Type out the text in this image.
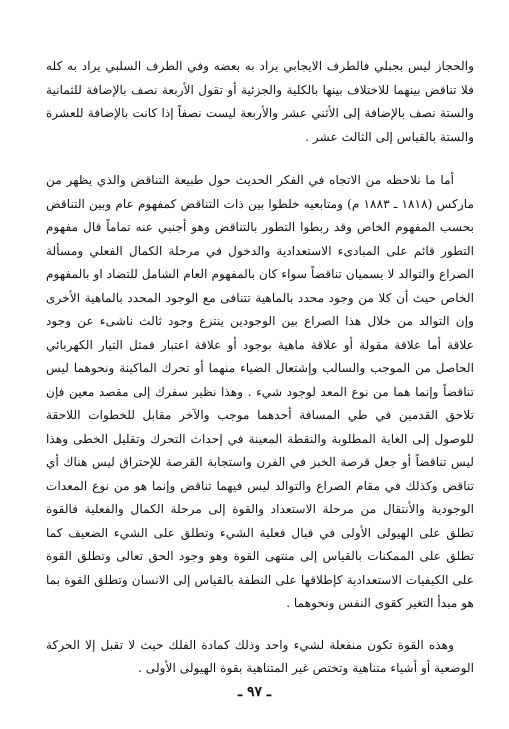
والحجاز ليس بجبلي فالطرف الايجابي يراد به بعضه وفي الطرف السلبي يراد به كله فلا تناقض بينهما للاختلاف بينها بالكلية والجزئية أو تقول الأربعة نصف بالإضافة للثمانية والستة نصف بالإضافة إلى الأثني عشر والأربعة ليست نصفاً إذا كانت بالإضافة للعشرة والستة بالقياس إلى الثالث عشر .

أما ما نلاحظه من الاتجاه في الفكر الحديث حول طبيعة التناقض والذي يظهر من ماركس (١٨١٨ ـ ١٨٨٣ م) ومتابعيه خلطوا بين ذات التناقض كمفهوم عام وبين التناقض بحسب المفهوم الخاص وقد ربطوا التطور بالتناقض وهو أجنبي عنه تماماً قال مفهوم التطور قائم على المبادىء الاستعدادية والدخول في مرحلة الكمال الفعلي ومسألة الصراع والتوالد لا يسميان تناقضاً سواء كان بالمفهوم العام الشامل للتضاد او بالمفهوم الخاص حيث أن كلا من وجود محدد بالماهية تتنافى مع الوجود المحدد بالماهية الأخرى وإن التوالد من خلال هذا الصراع بين الوجودين ينتزع وجود ثالث ناشىء عن وجود علاقة أما علاقة مقولة أو علاقة ماهية بوجود أو علاقة اعتبار فمثل التيار الكهربائي الحاصل من الموجب والسالب وإشتعال الضياء منهما أو تحرك الماكينة ونحوهما ليس تناقضاً وإنما هما من نوع المعد لوجود شيء . وهذا نظير سفرك إلى مقصد معين فإن تلاحق القدمين في طي المسافة أحدهما موجب والآخر مقابل للخطوات اللاحقة للوصول إلى الغاية المطلوبة والنقطة المعينة في إحداث التحرك وتقليل الخطى وهذا ليس تناقضاً أو جعل قرصة الخبز في الفرن واستجابة القرصة للإحتراق ليس هناك أي تناقض وكذلك في مقام الصراع والتوالد ليس فيهما تناقض وإنما هو من نوع المعدات الوجودية والأنتقال من مرحلة الاستعداد والقوة إلى مرحلة الكمال والفعلية فالقوة تطلق على الهيولى الأولى في قبال فعلية الشيء وتطلق على الشيء الضعيف كما تطلق على الممكنات بالقياس إلى منتهى القوة وهو وجود الحق تعالى وتطلق القوة على الكيفيات الاستعدادية كإطلاقها على النطفة بالقياس إلى الانسان وتطلق القوة بما هو مبدأ التغير كقوى النفس ونحوهما .

وهذه القوة تكون منفعلة لشيء واحد وذلك كمادة الفلك حيث لا تقبل إلا الحركة الوضعية أو أشياء متناهية وتختص غير المتناهية بقوة الهيولى الأولى .

ـ ٩٧ ـ
